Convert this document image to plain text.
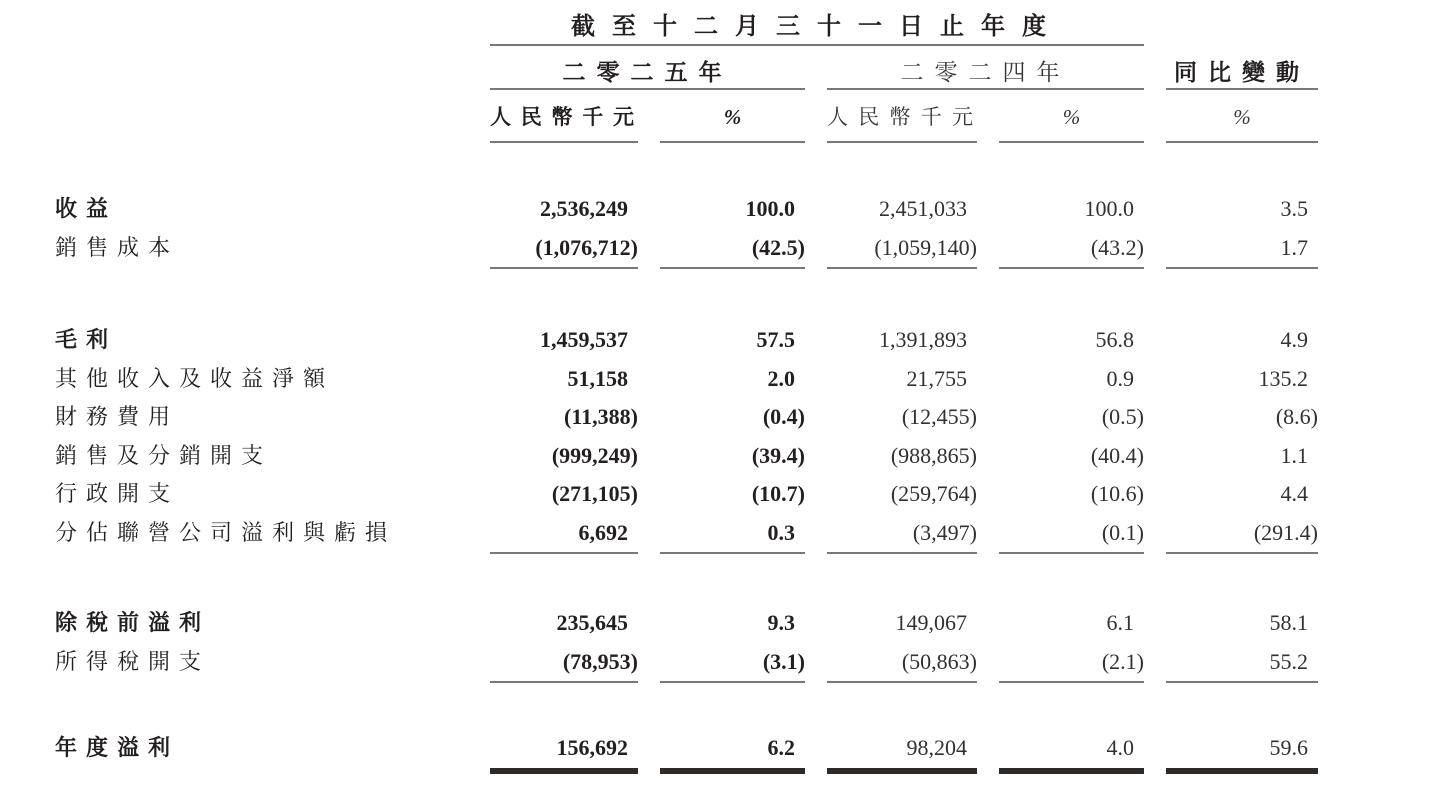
截至十二月三十一日止年度
二零二五年	二零二四年	同比變動
人民幣千元	%	人民幣千元	%	%
收益	2,536,249	100.0	2,451,033	100.0	3.5
銷售成本	(1,076,712)	(42.5)	(1,059,140)	(43.2)	1.7
毛利	1,459,537	57.5	1,391,893	56.8	4.9
其他收入及收益淨額	51,158	2.0	21,755	0.9	135.2
財務費用	(11,388)	(0.4)	(12,455)	(0.5)	(8.6)
銷售及分銷開支	(999,249)	(39.4)	(988,865)	(40.4)	1.1
行政開支	(271,105)	(10.7)	(259,764)	(10.6)	4.4
分佔聯營公司溢利與虧損	6,692	0.3	(3,497)	(0.1)	(291.4)
除稅前溢利	235,645	9.3	149,067	6.1	58.1
所得稅開支	(78,953)	(3.1)	(50,863)	(2.1)	55.2
年度溢利	156,692	6.2	98,204	4.0	59.6
